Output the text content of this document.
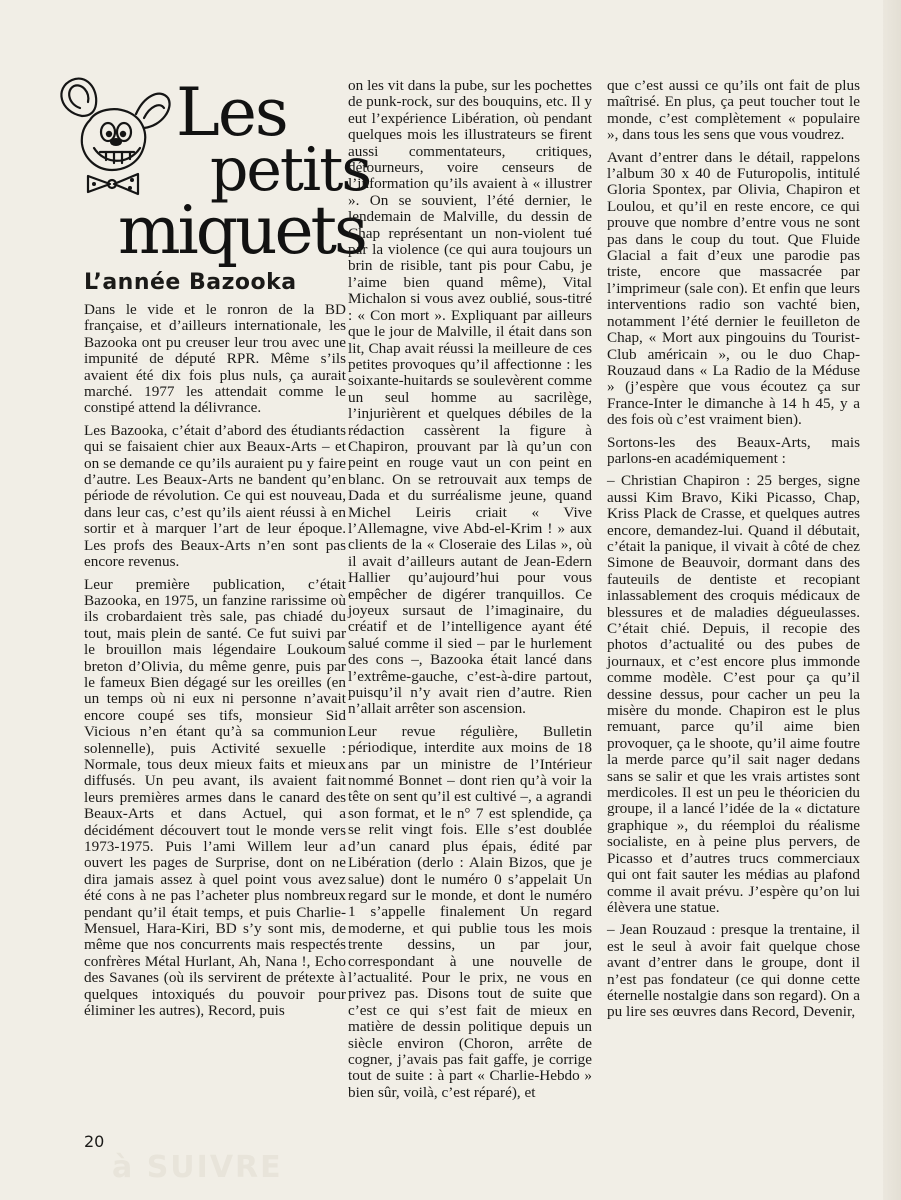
Les
petits
miquets
L’année Bazooka

Dans le vide et le ronron de la BD française, et d’ailleurs internationale, les Bazooka ont pu creuser leur trou avec une impunité de député RPR. Même s’ils avaient été dix fois plus nuls, ça aurait marché. 1977 les attendait comme le constipé attend la délivrance.

Les Bazooka, c’était d’abord des étudiants qui se faisaient chier aux Beaux-Arts – et on se demande ce qu’ils auraient pu y faire d’autre. Les Beaux-Arts ne bandent qu’en période de révolution. Ce qui est nouveau, dans leur cas, c’est qu’ils aient réussi à en sortir et à marquer l’art de leur époque. Les profs des Beaux-Arts n’en sont pas encore revenus.

Leur première publication, c’était Bazooka, en 1975, un fanzine rarissime où ils crobardaient très sale, pas chiadé du tout, mais plein de santé. Ce fut suivi par le brouillon mais légendaire Loukoum breton d’Olivia, du même genre, puis par le fameux Bien dégagé sur les oreilles (en un temps où ni eux ni personne n’avait encore coupé ses tifs, monsieur Sid Vicious n’en étant qu’à sa communion solennelle), puis Activité sexuelle : Normale, tous deux mieux faits et mieux diffusés. Un peu avant, ils avaient fait leurs premières armes dans le canard des Beaux-Arts et dans Actuel, qui a décidément découvert tout le monde vers 1973-1975. Puis l’ami Willem leur a ouvert les pages de Surprise, dont on ne dira jamais assez à quel point vous avez été cons à ne pas l’acheter plus nombreux pendant qu’il était temps, et puis Charlie-Mensuel, Hara-Kiri, BD s’y sont mis, de même que nos concurrents mais respectés confrères Métal Hurlant, Ah, Nana !, Echo des Savanes (où ils servirent de prétexte à quelques intoxiqués du pouvoir pour éliminer les autres), Record, puis

on les vit dans la pube, sur les pochettes de punk-rock, sur des bouquins, etc. Il y eut l’expérience Libération, où pendant quelques mois les illustrateurs se firent aussi commentateurs, critiques, détourneurs, voire censeurs de l’information qu’ils avaient à « illustrer ». On se souvient, l’été dernier, le lendemain de Malville, du dessin de Chap représentant un non-violent tué par la violence (ce qui aura toujours un brin de risible, tant pis pour Cabu, je l’aime bien quand même), Vital Michalon si vous avez oublié, sous-titré : « Con mort ». Expliquant par ailleurs que le jour de Malville, il était dans son lit, Chap avait réussi la meilleure de ces petites provoques qu’il affectionne : les soixante-huitards se soulevèrent comme un seul homme au sacrilège, l’injurièrent et quelques débiles de la rédaction cassèrent la figure à Chapiron, prouvant par là qu’un con peint en rouge vaut un con peint en blanc. On se retrouvait aux temps de Dada et du surréalisme jeune, quand Michel Leiris criait « Vive l’Allemagne, vive Abd-el-Krim ! » aux clients de la « Closeraie des Lilas », où il avait d’ailleurs autant de Jean-Edern Hallier qu’aujourd’hui pour vous empêcher de digérer tranquillos. Ce joyeux sursaut de l’imaginaire, du créatif et de l’intelligence ayant été salué comme il sied – par le hurlement des cons –, Bazooka était lancé dans l’extrême-gauche, c’est-à-dire partout, puisqu’il n’y avait rien d’autre. Rien n’allait arrêter son ascension.

Leur revue régulière, Bulletin périodique, interdite aux moins de 18 ans par un ministre de l’Intérieur nommé Bonnet – dont rien qu’à voir la tête on sent qu’il est cultivé –, a agrandi son format, et le n° 7 est splendide, ça se relit vingt fois. Elle s’est doublée d’un canard plus épais, édité par Libération (derlo : Alain Bizos, que je salue) dont le numéro 0 s’appelait Un regard sur le monde, et dont le numéro 1 s’appelle finalement Un regard moderne, et qui publie tous les mois trente dessins, un par jour, correspondant à une nouvelle de l’actualité. Pour le prix, ne vous en privez pas. Disons tout de suite que c’est ce qui s’est fait de mieux en matière de dessin politique depuis un siècle environ (Choron, arrête de cogner, j’avais pas fait gaffe, je corrige tout de suite : à part « Charlie-Hebdo » bien sûr, voilà, c’est réparé), et

que c’est aussi ce qu’ils ont fait de plus maîtrisé. En plus, ça peut toucher tout le monde, c’est complètement « populaire », dans tous les sens que vous voudrez.

Avant d’entrer dans le détail, rappelons l’album 30 x 40 de Futuropolis, intitulé Gloria Spontex, par Olivia, Chapiron et Loulou, et qu’il en reste encore, ce qui prouve que nombre d’entre vous ne sont pas dans le coup du tout. Que Fluide Glacial a fait d’eux une parodie pas triste, encore que massacrée par l’imprimeur (sale con). Et enfin que leurs interventions radio son vachté bien, notamment l’été dernier le feuilleton de Chap, « Mort aux pingouins du Tourist-Club américain », ou le duo Chap-Rouzaud dans « La Radio de la Méduse » (j’espère que vous écoutez ça sur France-Inter le dimanche à 14 h 45, y a des fois où c’est vraiment bien).

Sortons-les des Beaux-Arts, mais parlons-en académiquement :

– Christian Chapiron : 25 berges, signe aussi Kim Bravo, Kiki Picasso, Chap, Kriss Plack de Crasse, et quelques autres encore, demandez-lui. Quand il débutait, c’était la panique, il vivait à côté de chez Simone de Beauvoir, dormant dans des fauteuils de dentiste et recopiant inlassablement des croquis médicaux de blessures et de maladies dégueulasses. C’était chié. Depuis, il recopie des photos d’actualité ou des pubes de journaux, et c’est encore plus immonde comme modèle. C’est pour ça qu’il dessine dessus, pour cacher un peu la misère du monde. Chapiron est le plus remuant, parce qu’il aime bien provoquer, ça le shoote, qu’il aime foutre la merde parce qu’il sait nager dedans sans se salir et que les vrais artistes sont merdicoles. Il est un peu le théoricien du groupe, il a lancé l’idée de la « dictature graphique », du réemploi du réalisme socialiste, en à peine plus pervers, de Picasso et d’autres trucs commerciaux qui ont fait sauter les médias au plafond comme il avait prévu. J’espère qu’on lui élèvera une statue.

– Jean Rouzaud : presque la trentaine, il est le seul à avoir fait quelque chose avant d’entrer dans le groupe, dont il n’est pas fondateur (ce qui donne cette éternelle nostalgie dans son regard). On a pu lire ses œuvres dans Record, Devenir,

20
à SUIVRE
